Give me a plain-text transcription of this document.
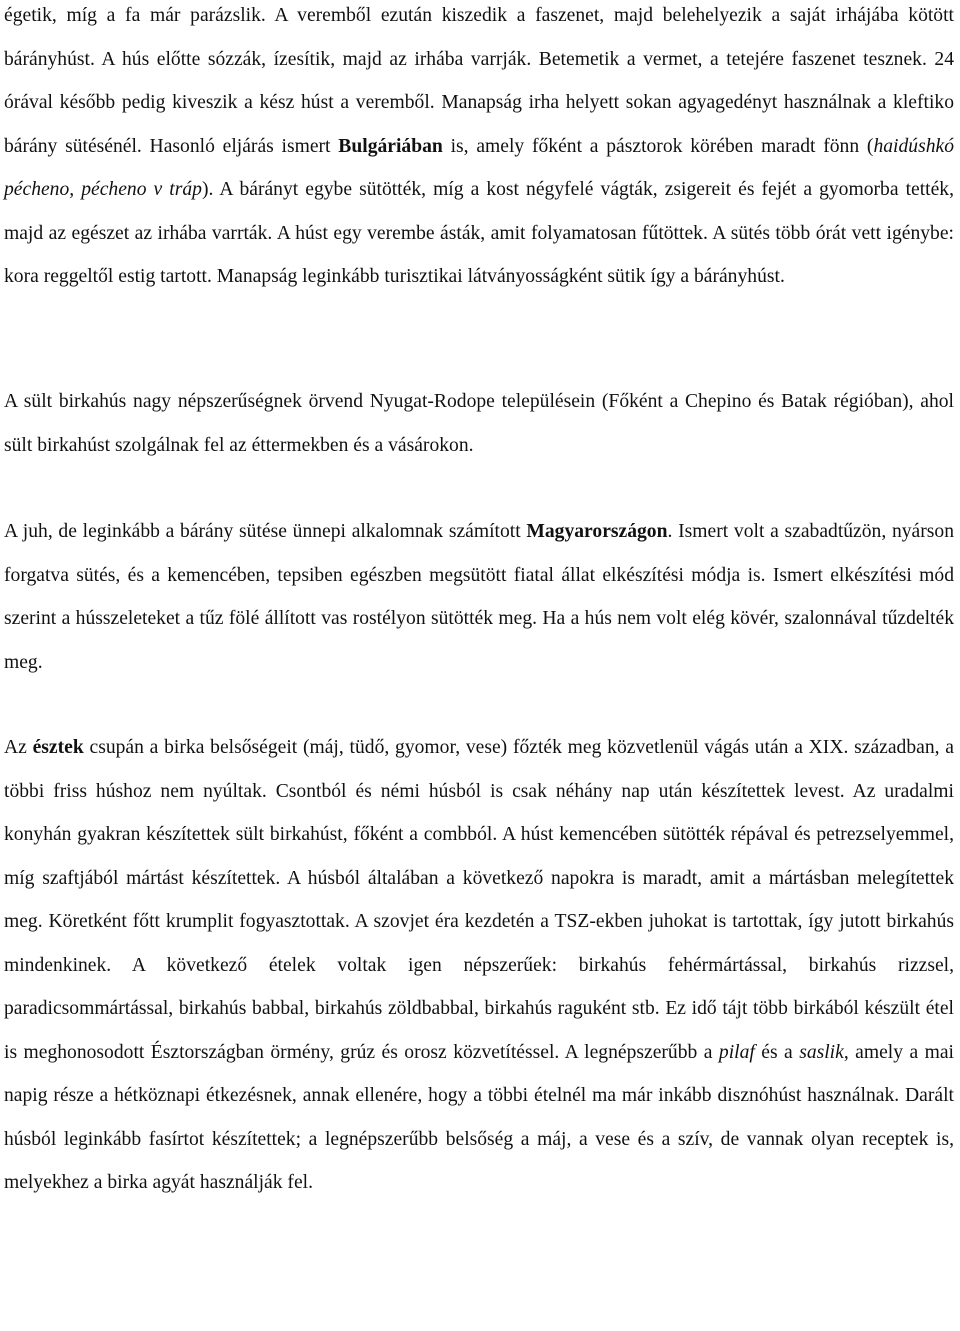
égetik, míg a fa már parázslik. A veremből ezután kiszedik a faszenet, majd belehelyezik a saját irhájába kötött bárányhúst. A hús előtte sózzák, ízesítik, majd az irhába varrják. Betemetik a vermet, a tetejére faszenet tesznek. 24 órával később pedig kiveszik a kész húst a veremből. Manapság irha helyett sokan agyagedényt használnak a kleftiko bárány sütésénél. Hasonló eljárás ismert Bulgáriában is, amely főként a pásztorok körében maradt fönn (haidúshkó pécheno, pécheno v tráp). A bárányt egybe sütötték, míg a kost négyfelé vágták, zsigereit és fejét a gyomorba tették, majd az egészet az irhába varrták. A húst egy verembe ásták, amit folyamatosan fűtöttek. A sütés több órát vett igénybe: kora reggeltől estig tartott. Manapság leginkább turisztikai látványosságként sütik így a bárányhúst.

A sült birkahús nagy népszerűségnek örvend Nyugat-Rodope településein (Főként a Chepino és Batak régióban), ahol sült birkahúst szolgálnak fel az éttermekben és a vásárokon.

A juh, de leginkább a bárány sütése ünnepi alkalomnak számított Magyarországon. Ismert volt a szabadtűzön, nyárson forgatva sütés, és a kemencében, tepsiben egészben megsütött fiatal állat elkészítési módja is. Ismert elkészítési mód szerint a hússzeleteket a tűz fölé állított vas rostélyon sütötték meg. Ha a hús nem volt elég kövér, szalonnával tűzdelték meg.

Az észtek csupán a birka belsőségeit (máj, tüdő, gyomor, vese) főzték meg közvetlenül vágás után a XIX. században, a többi friss húshoz nem nyúltak. Csontból és némi húsból is csak néhány nap után készítettek levest. Az uradalmi konyhán gyakran készítettek sült birkahúst, főként a combból. A húst kemencében sütötték répával és petrezselyemmel, míg szaftjából mártást készítettek. A húsból általában a következő napokra is maradt, amit a mártásban melegítettek meg. Köretként főtt krumplit fogyasztottak. A szovjet éra kezdetén a TSZ-ekben juhokat is tartottak, így jutott birkahús mindenkinek. A következő ételek voltak igen népszerűek: birkahús fehérmártással, birkahús rizzsel, paradicsommártással, birkahús babbal, birkahús zöldbabbal, birkahús raguként stb. Ez idő tájt több birkából készült étel is meghonosodott Észtországban örmény, grúz és orosz közvetítéssel. A legnépszerűbb a pilaf és a saslik, amely a mai napig része a hétköznapi étkezésnek, annak ellenére, hogy a többi ételnél ma már inkább disznóhúst használnak. Darált húsból leginkább fasírtot készítettek; a legnépszerűbb belsőség a máj, a vese és a szív, de vannak olyan receptek is, melyekhez a birka agyát használják fel.
